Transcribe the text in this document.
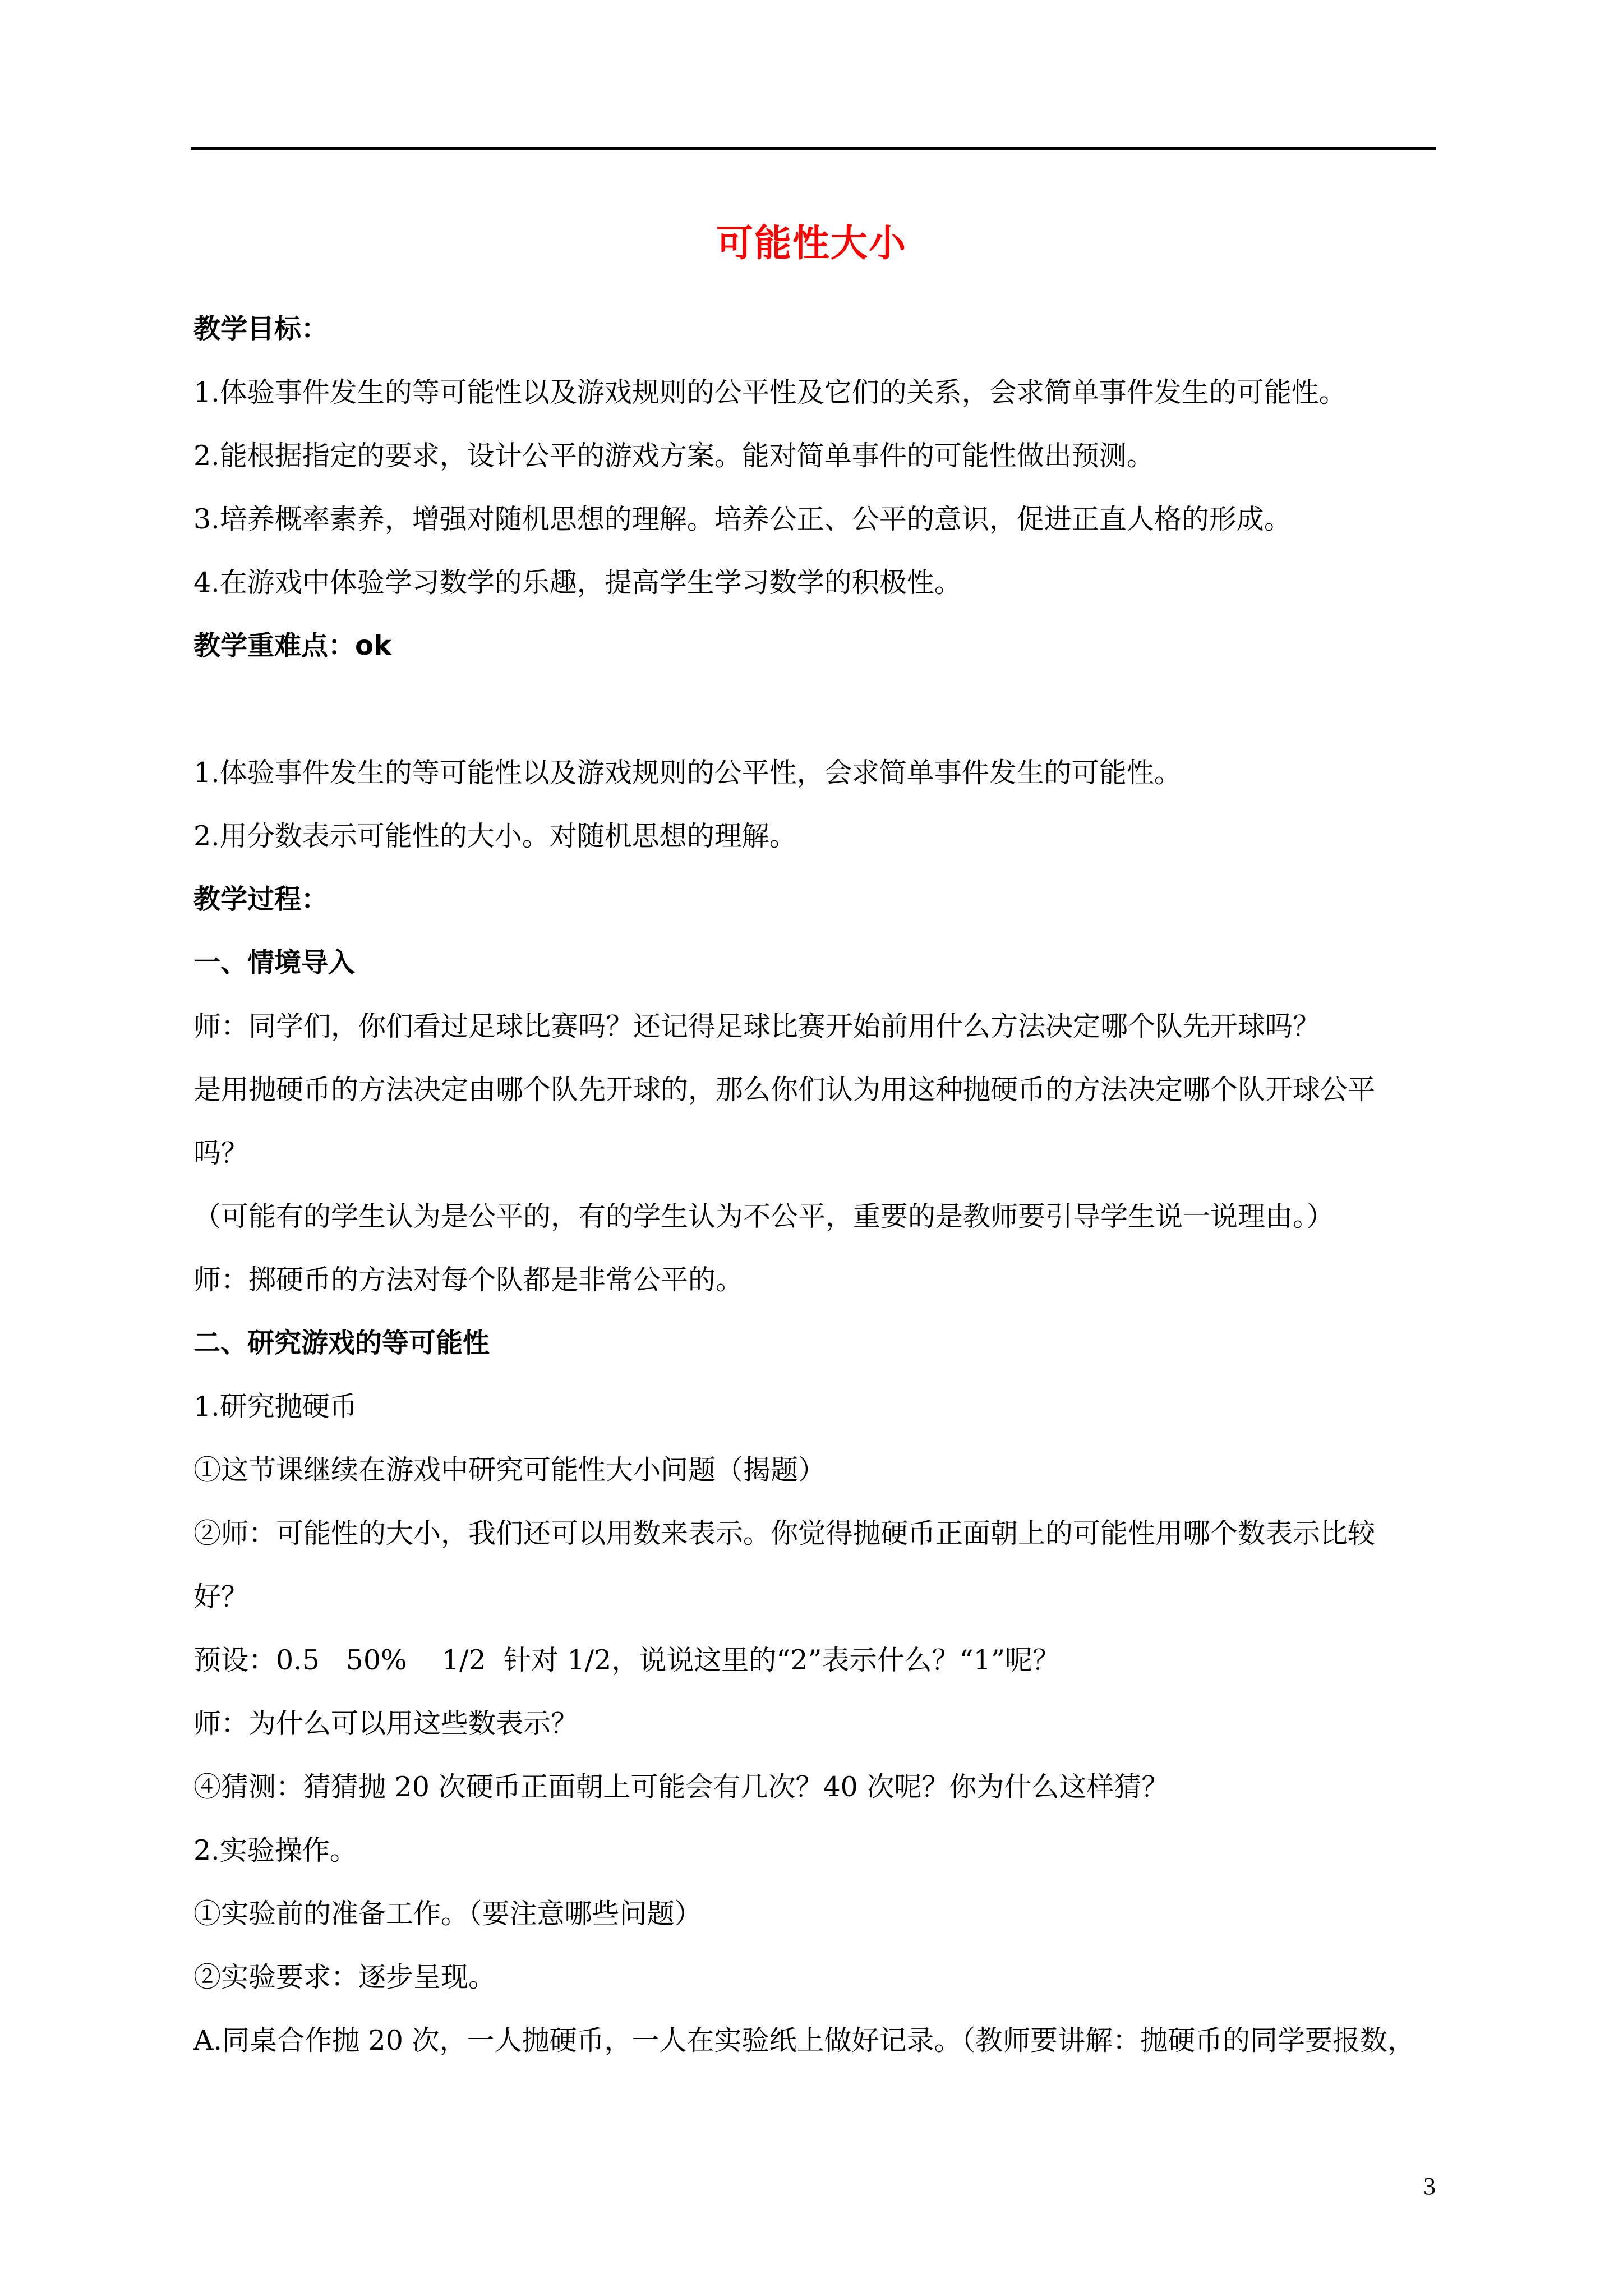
可能性大小
教学目标：
1.体验事件发生的等可能性以及游戏规则的公平性及它们的关系，会求简单事件发生的可能性。
2.能根据指定的要求，设计公平的游戏方案。能对简单事件的可能性做出预测。
3.培养概率素养，增强对随机思想的理解。培养公正、公平的意识，促进正直人格的形成。
4.在游戏中体验学习数学的乐趣，提高学生学习数学的积极性。
教学重难点：ok
1.体验事件发生的等可能性以及游戏规则的公平性，会求简单事件发生的可能性。
2.用分数表示可能性的大小。对随机思想的理解。
教学过程：
一、情境导入
师：同学们，你们看过足球比赛吗？还记得足球比赛开始前用什么方法决定哪个队先开球吗？
是用抛硬币的方法决定由哪个队先开球的，那么你们认为用这种抛硬币的方法决定哪个队开球公平
吗？
（可能有的学生认为是公平的，有的学生认为不公平，重要的是教师要引导学生说一说理由。）
师：掷硬币的方法对每个队都是非常公平的。
二、研究游戏的等可能性
1.研究抛硬币
①这节课继续在游戏中研究可能性大小问题（揭题）
②师：可能性的大小，我们还可以用数来表示。你觉得抛硬币正面朝上的可能性用哪个数表示比较
好？
预设：0.5   50%    1/2  针对 1/2，说说这里的“2”表示什么？“1”呢？
师：为什么可以用这些数表示？
④猜测：猜猜抛 20 次硬币正面朝上可能会有几次？40 次呢？你为什么这样猜？
2.实验操作。
①实验前的准备工作。（要注意哪些问题）
②实验要求：逐步呈现。
A.同桌合作抛 20 次，一人抛硬币，一人在实验纸上做好记录。（教师要讲解：抛硬币的同学要报数，
3
